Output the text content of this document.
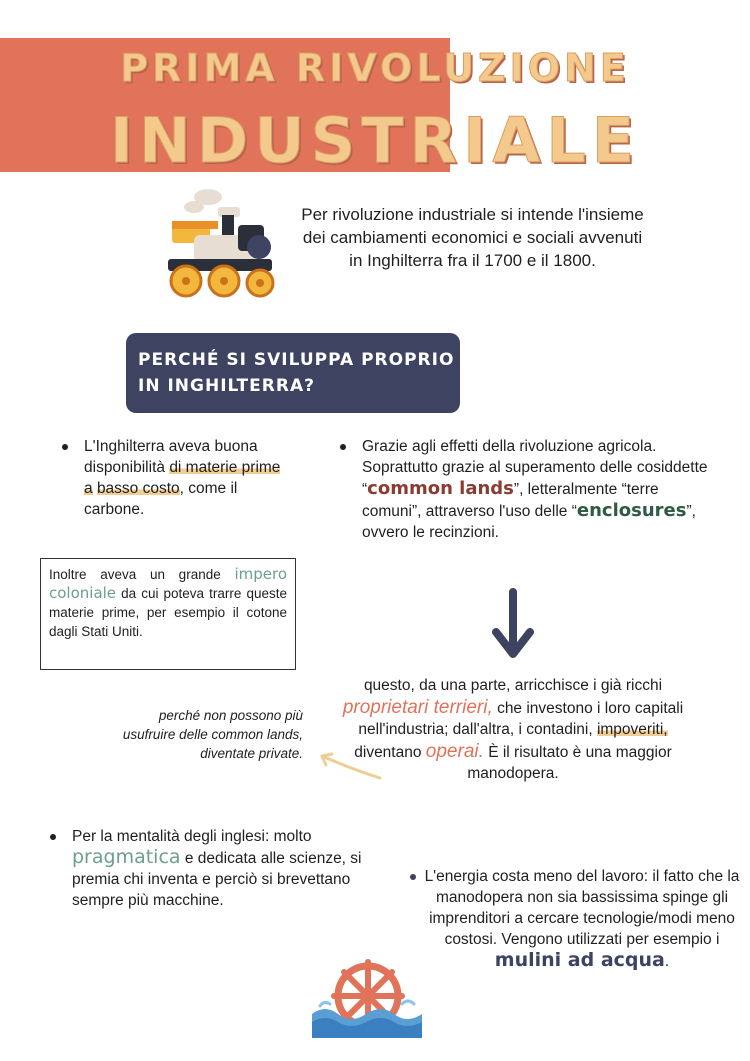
PRIMA RIVOLUZIONE
INDUSTRIALE
Per rivoluzione industriale si intende l'insieme dei cambiamenti economici e sociali avvenuti in Inghilterra fra il 1700 e il 1800.
PERCHÉ SI SVILUPPA PROPRIO
IN INGHILTERRA?
L'Inghilterra aveva buona disponibilità di materie prime a basso costo, come il carbone.
Grazie agli effetti della rivoluzione agricola. Soprattutto grazie al superamento delle cosiddette “common lands”, letteralmente “terre comuni”, attraverso l'uso delle “enclosures”, ovvero le recinzioni.
Inoltre aveva un grande impero coloniale da cui poteva trarre queste materie prime, per esempio il cotone dagli Stati Uniti.
questo, da una parte, arricchisce i già ricchi proprietari terrieri, che investono i loro capitali nell'industria; dall'altra, i contadini, impoveriti, diventano operai. È il risultato è una maggior manodopera.
perché non possono più usufruire delle common lands, diventate private.
Per la mentalità degli inglesi: molto pragmatica e dedicata alle scienze, si premia chi inventa e perciò si brevettano sempre più macchine.
L'energia costa meno del lavoro: il fatto che la manodopera non sia bassissima spinge gli imprenditori a cercare tecnologie/modi meno costosi. Vengono utilizzati per esempio i mulini ad acqua.
